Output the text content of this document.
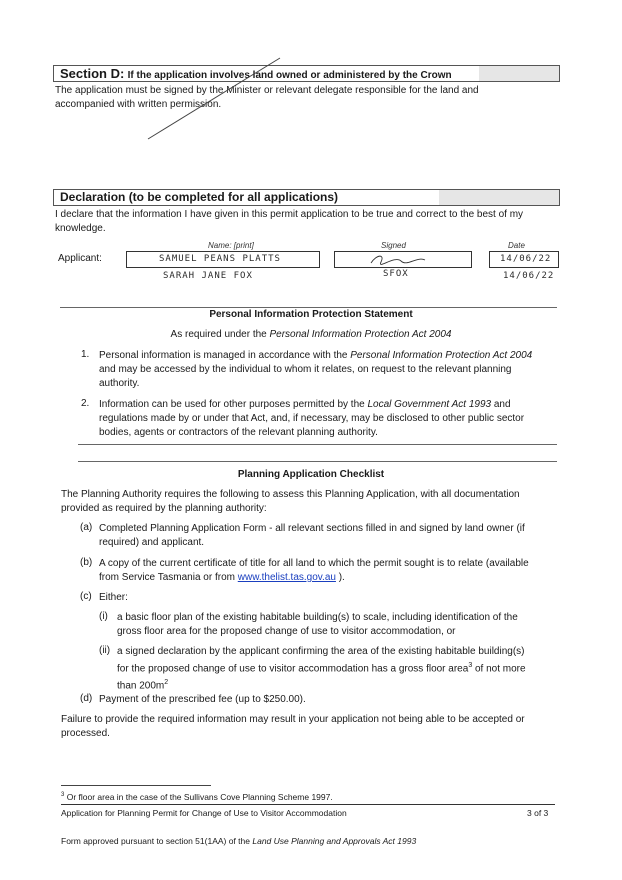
Section D: If the application involves land owned or administered by the Crown
The application must be signed by the Minister or relevant delegate responsible for the land and
accompanied with written permission.
Declaration (to be completed for all applications)
I declare that the information I have given in this permit application to be true and correct to the best of my
knowledge.
Name: [print]	Signed	Date
Applicant:	SAMUEL PEANS PLATTS	14/06/22
SARAH JANE FOX	SFOX	14/06/22
Personal Information Protection Statement
As required under the Personal Information Protection Act 2004
1. Personal information is managed in accordance with the Personal Information Protection Act 2004
and may be accessed by the individual to whom it relates, on request to the relevant planning
authority.
2. Information can be used for other purposes permitted by the Local Government Act 1993 and
regulations made by or under that Act, and, if necessary, may be disclosed to other public sector
bodies, agents or contractors of the relevant planning authority.
Planning Application Checklist
The Planning Authority requires the following to assess this Planning Application, with all documentation
provided as required by the planning authority:
(a) Completed Planning Application Form - all relevant sections filled in and signed by land owner (if
required) and applicant.
(b) A copy of the current certificate of title for all land to which the permit sought is to relate (available
from Service Tasmania or from www.thelist.tas.gov.au ).
(c) Either:
(i) a basic floor plan of the existing habitable building(s) to scale, including identification of the
gross floor area for the proposed change of use to visitor accommodation, or
(ii) a signed declaration by the applicant confirming the area of the existing habitable building(s)
for the proposed change of use to visitor accommodation has a gross floor area$^3$ of not more
than $200m^2$
(d) Payment of the prescribed fee (up to $250.00).
Failure to provide the required information may result in your application not being able to be accepted or
processed.
$^3$ Or floor area in the case of the Sullivans Cove Planning Scheme 1997.
Application for Planning Permit for Change of Use to Visitor Accommodation	3 of 3
Form approved pursuant to section 51(1AA) of the Land Use Planning and Approvals Act 1993
